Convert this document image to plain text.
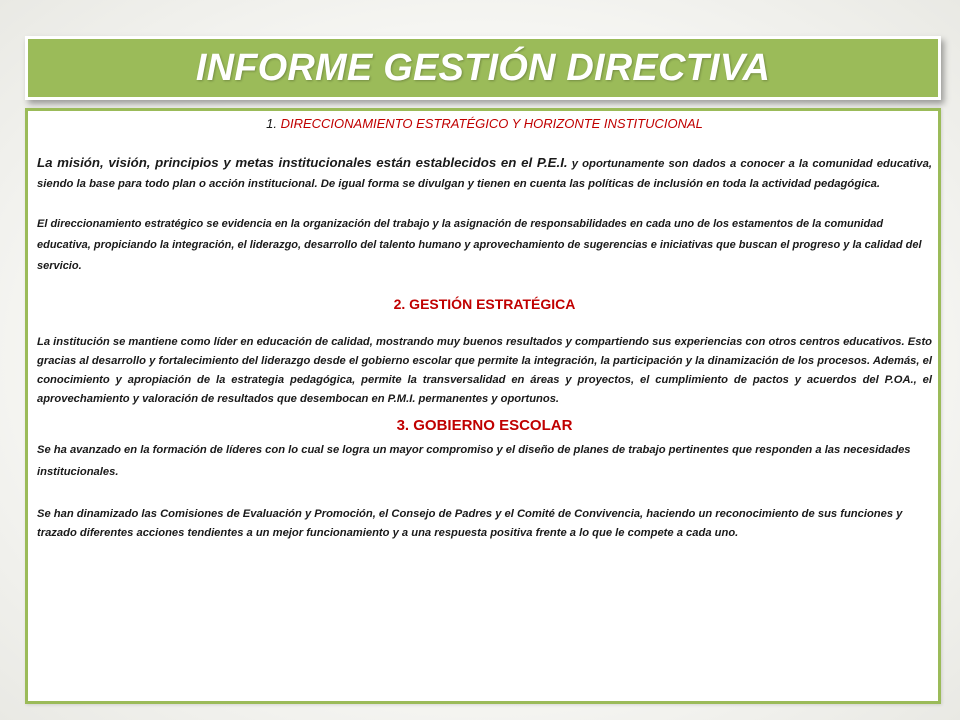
INFORME GESTIÓN DIRECTIVA
1. DIRECCIONAMIENTO ESTRATÉGICO Y HORIZONTE INSTITUCIONAL

La misión, visión, principios y metas institucionales están establecidos en el P.E.I. y oportunamente son dados a conocer a la comunidad educativa, siendo la base para todo plan o acción institucional. De igual forma se divulgan y tienen en cuenta las políticas de inclusión en toda la actividad pedagógica.

El direccionamiento estratégico se evidencia en la organización del trabajo y la asignación de responsabilidades en cada uno de los estamentos de la comunidad educativa, propiciando la integración, el liderazgo, desarrollo del talento humano y aprovechamiento de sugerencias e iniciativas que buscan el progreso y la calidad del servicio.

2. GESTIÓN ESTRATÉGICA

La institución se mantiene como líder en educación de calidad, mostrando muy buenos resultados y compartiendo sus experiencias con otros centros educativos. Esto gracias al desarrollo y fortalecimiento del liderazgo desde el gobierno escolar que permite la integración, la participación y la dinamización de los procesos. Además, el conocimiento y apropiación de la estrategia pedagógica, permite la transversalidad en áreas y proyectos, el cumplimiento de pactos y acuerdos del P.OA., el aprovechamiento y valoración de resultados que desembocan en P.M.I. permanentes y oportunos.

3. GOBIERNO ESCOLAR

Se ha avanzado en la formación de líderes con lo cual se logra un mayor compromiso y el diseño de planes de trabajo pertinentes que responden a las necesidades institucionales.

Se han dinamizado las Comisiones de Evaluación y Promoción, el Consejo de Padres y el Comité de Convivencia, haciendo un reconocimiento de sus funciones y trazado diferentes acciones tendientes a un mejor funcionamiento y a una respuesta positiva frente a lo que le compete a cada uno.
